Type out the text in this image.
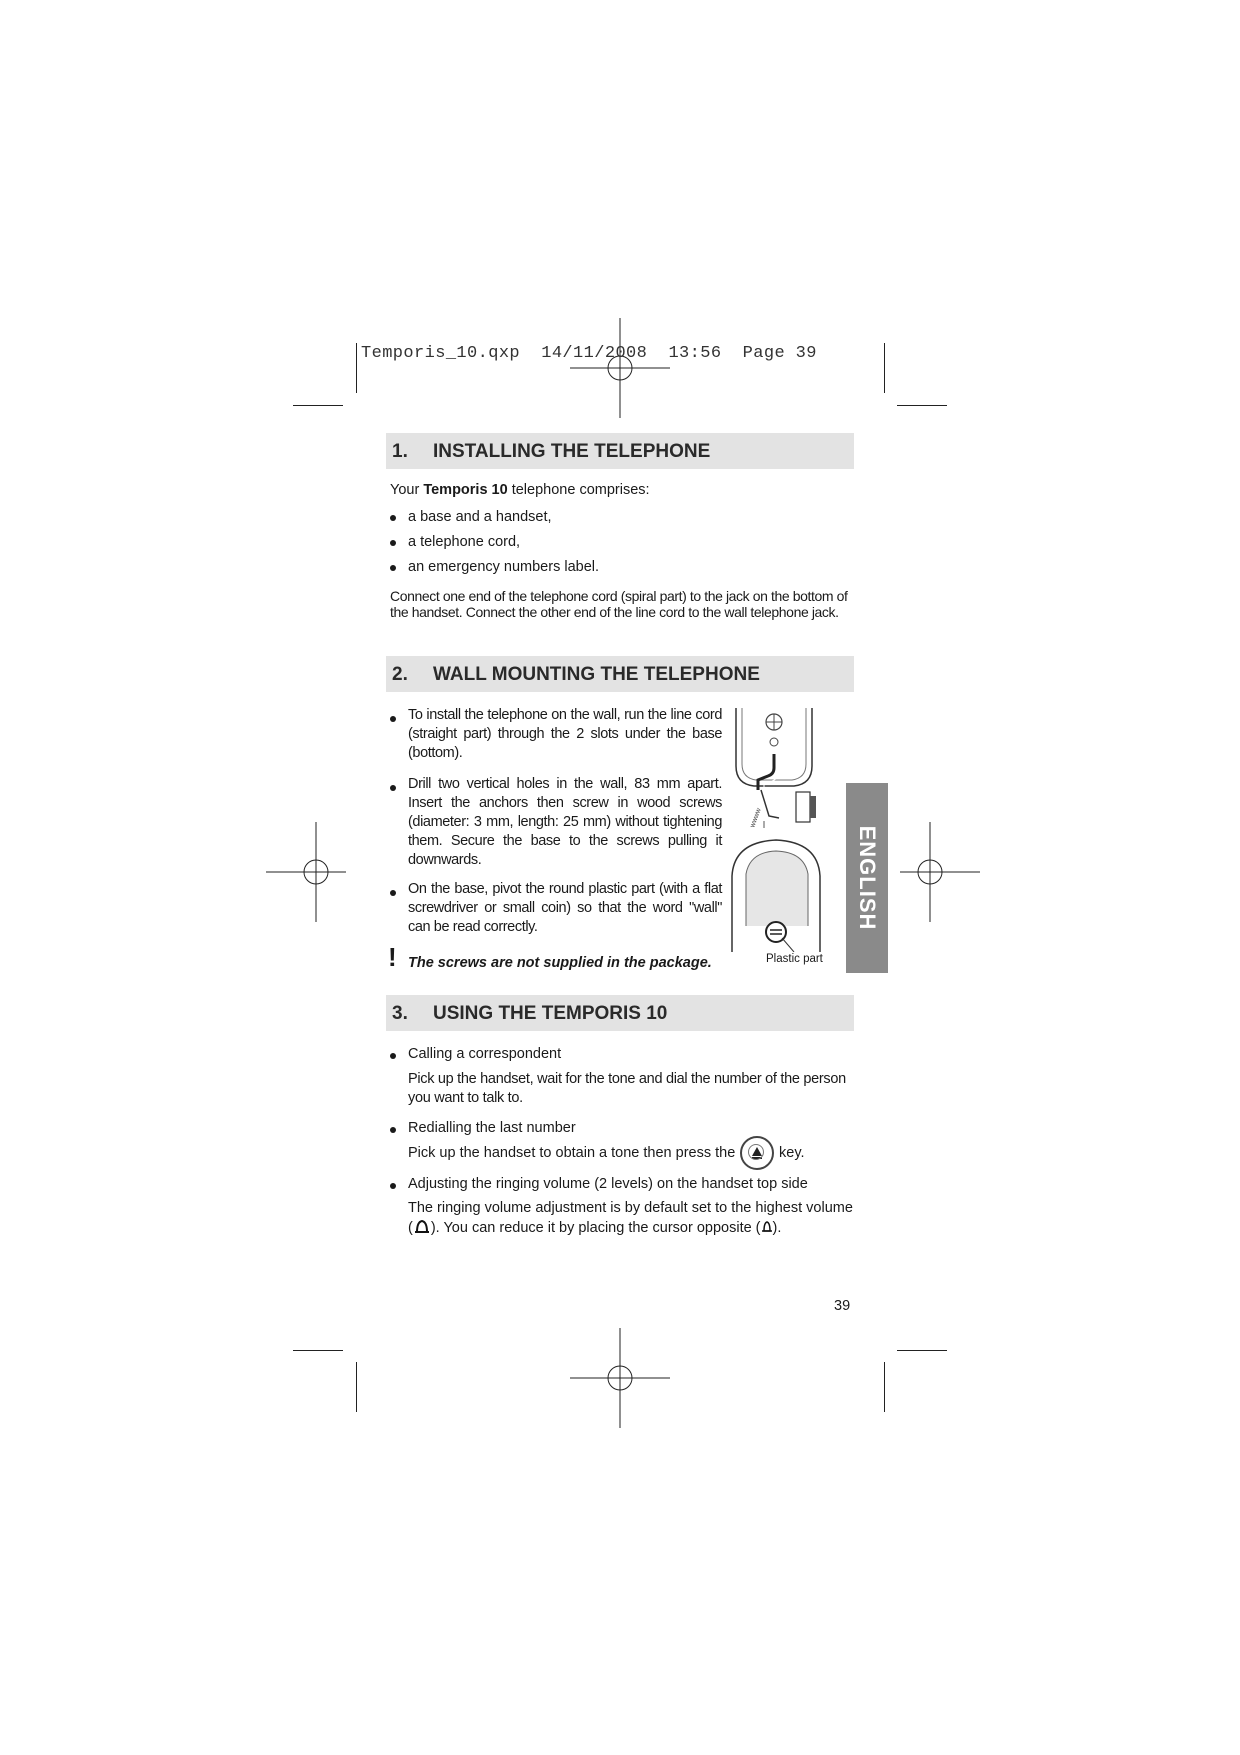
Temporis_10.qxp  14/11/2008  13:56  Page 39
1. INSTALLING THE TELEPHONE
Your Temporis 10 telephone comprises:
a base and a handset,
a telephone cord,
an emergency numbers label.
Connect one end of the telephone cord (spiral part) to the jack on the bottom of the handset. Connect the other end of the line cord to the wall telephone jack.
2. WALL MOUNTING THE TELEPHONE
To install the telephone on the wall, run the line cord (straight part) through the 2 slots under the base (bottom).
Drill two vertical holes in the wall, 83 mm apart. Insert the anchors then screw in wood screws (diameter: 3 mm, length: 25 mm) without tightening them. Secure the base to the screws pulling it downwards.
On the base, pivot the round plastic part (with a flat screwdriver or small coin) so that the word "wall" can be read correctly.
! The screws are not supplied in the package.
wwww
Plastic part
ENGLISH
3. USING THE TEMPORIS 10
Calling a correspondent
Pick up the handset, wait for the tone and dial the number of the person you want to talk to.
Redialling the last number
Pick up the handset to obtain a tone then press the	key.
Adjusting the ringing volume (2 levels) on the handset top side
The ringing volume adjustment is by default set to the highest volume
( ). You can reduce it by placing the cursor opposite ( ).
39
